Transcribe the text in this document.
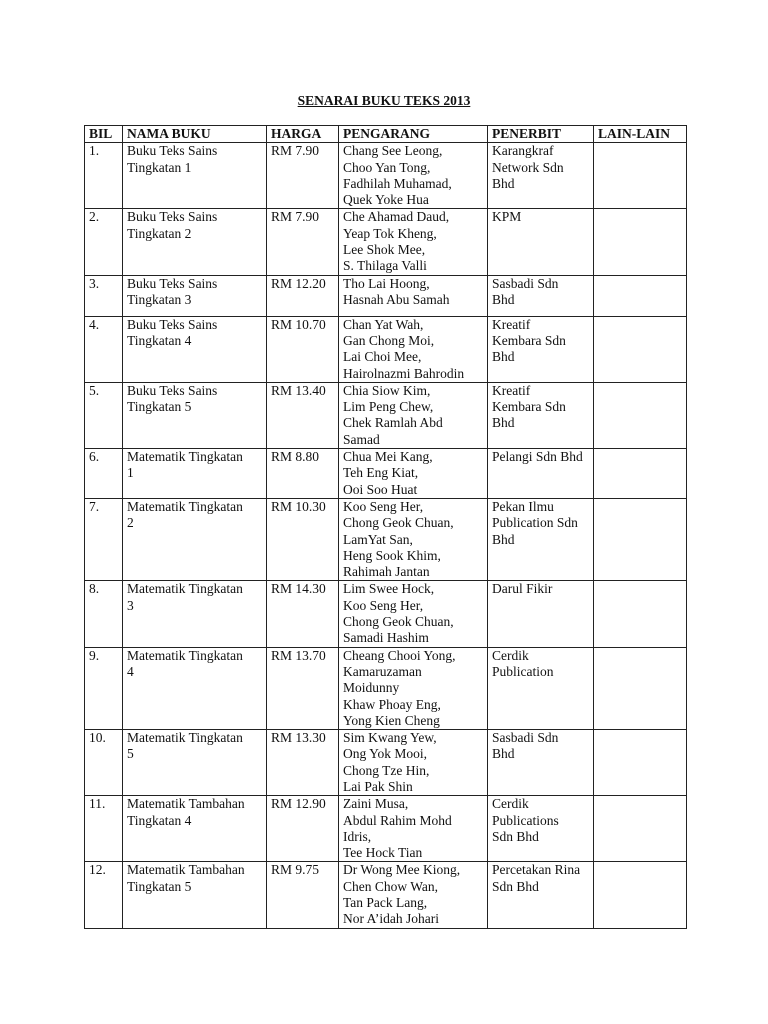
SENARAI BUKU TEKS 2013
BIL	NAMA BUKU	HARGA	PENGARANG	PENERBIT	LAIN-LAIN
1.	Buku Teks Sains
Tingkatan 1	RM 7.90	Chang See Leong,
Choo Yan Tong,
Fadhilah Muhamad,
Quek Yoke Hua	Karangkraf
Network Sdn
Bhd	

2.	Buku Teks Sains
Tingkatan 2	RM 7.90	Che Ahamad Daud,
Yeap Tok Kheng,
Lee Shok Mee,
S. Thilaga Valli	KPM	

3.	Buku Teks Sains
Tingkatan 3	RM 12.20	Tho Lai Hoong,
Hasnah Abu Samah	Sasbadi Sdn
Bhd	

4.	Buku Teks Sains
Tingkatan 4	RM 10.70	Chan Yat Wah,
Gan Chong Moi,
Lai Choi Mee,
Hairolnazmi Bahrodin	Kreatif
Kembara Sdn
Bhd	

5.	Buku Teks Sains
Tingkatan 5	RM 13.40	Chia Siow Kim,
Lim Peng Chew,
Chek Ramlah Abd
Samad	Kreatif
Kembara Sdn
Bhd	

6.	Matematik Tingkatan
1	RM 8.80	Chua Mei Kang,
Teh Eng Kiat,
Ooi Soo Huat	Pelangi Sdn Bhd	

7.	Matematik Tingkatan
2	RM 10.30	Koo Seng Her,
Chong Geok Chuan,
LamYat San,
Heng Sook Khim,
Rahimah Jantan	Pekan Ilmu
Publication Sdn
Bhd	

8.	Matematik Tingkatan
3	RM 14.30	Lim Swee Hock,
Koo Seng Her,
Chong Geok Chuan,
Samadi Hashim	Darul Fikir	

9.	Matematik Tingkatan
4	RM 13.70	Cheang Chooi Yong,
Kamaruzaman
Moidunny
Khaw Phoay Eng,
Yong Kien Cheng	Cerdik
Publication	

10.	Matematik Tingkatan
5	RM 13.30	Sim Kwang Yew,
Ong Yok Mooi,
Chong Tze Hin,
Lai Pak Shin	Sasbadi Sdn
Bhd	

11.	Matematik Tambahan
Tingkatan 4	RM 12.90	Zaini Musa,
Abdul Rahim Mohd
Idris,
Tee Hock Tian	Cerdik
Publications
Sdn Bhd	

12.	Matematik Tambahan
Tingkatan 5	RM 9.75	Dr Wong Mee Kiong,
Chen Chow Wan,
Tan Pack Lang,
Nor A’idah Johari	Percetakan Rina
Sdn Bhd	
